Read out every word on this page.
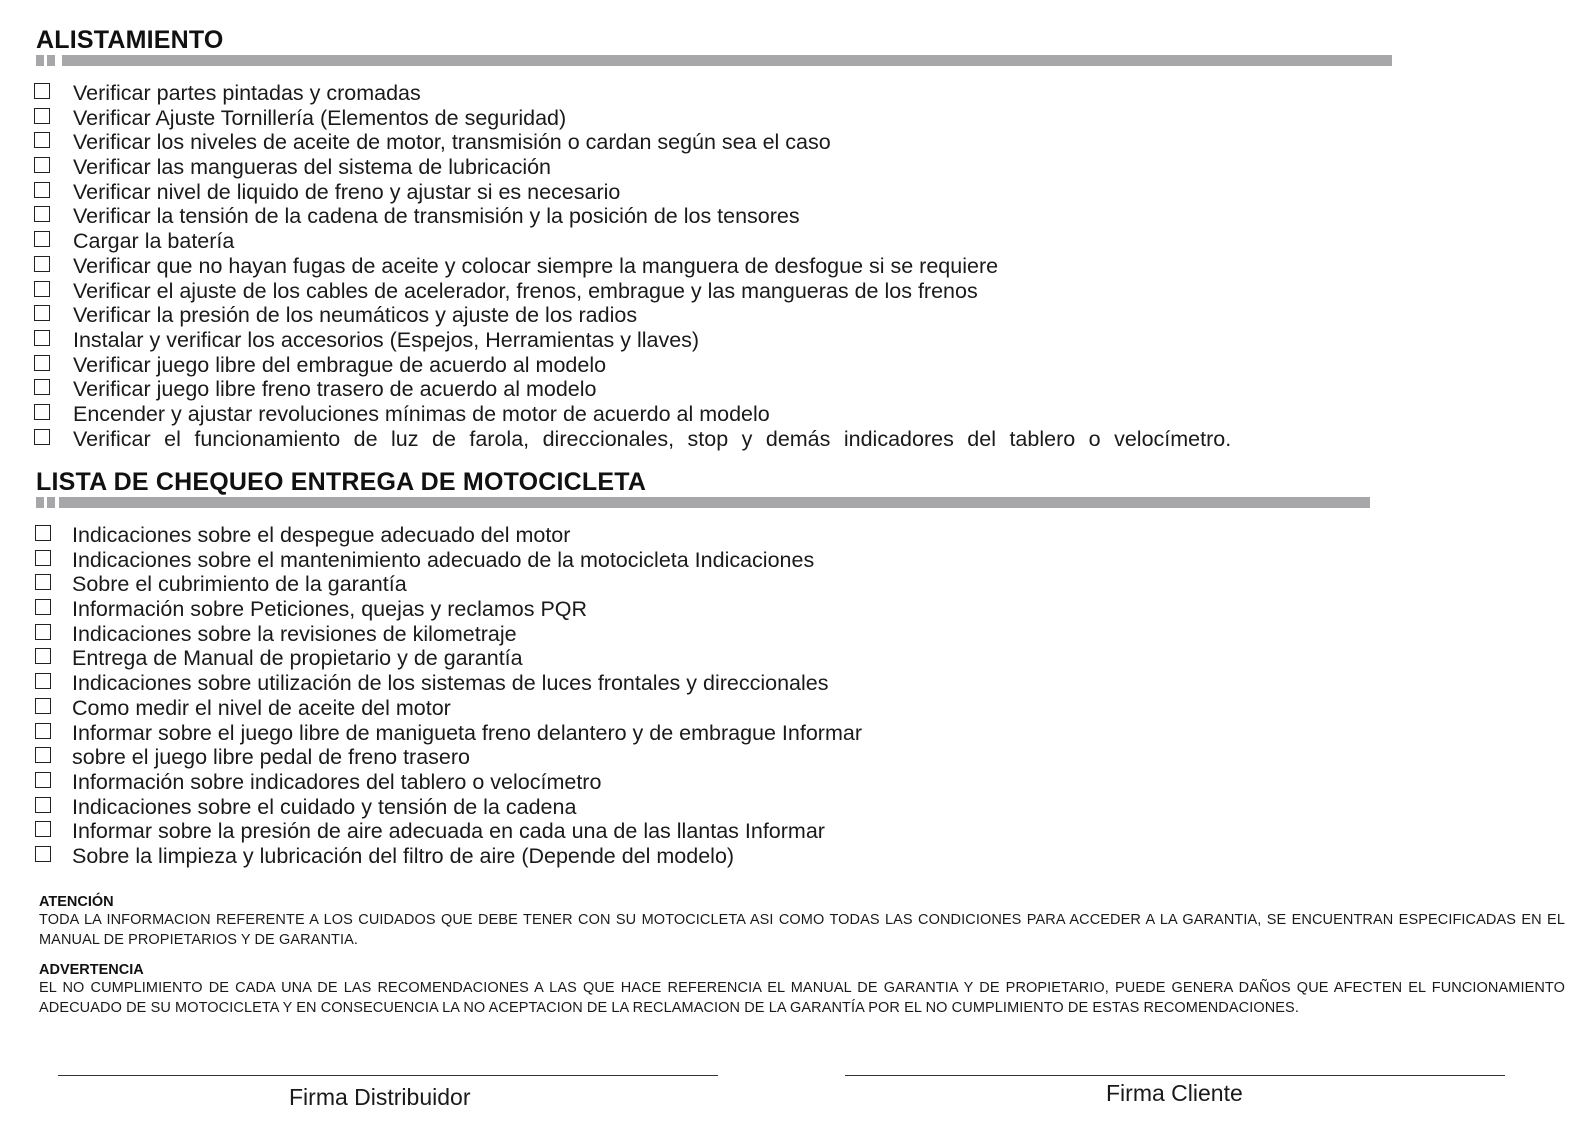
ALISTAMIENTO
Verificar partes pintadas y cromadas
Verificar Ajuste Tornillería (Elementos de seguridad)
Verificar los niveles de aceite de motor, transmisión o cardan según sea el caso
Verificar las mangueras del sistema de lubricación
Verificar nivel de liquido de freno y ajustar si es necesario
Verificar la tensión de la cadena de transmisión y la posición de los tensores
Cargar la batería
Verificar que no hayan fugas de aceite y colocar siempre la manguera de desfogue si se requiere
Verificar el ajuste de los cables de acelerador, frenos, embrague y las mangueras de los frenos
Verificar la presión de los neumáticos y ajuste de los radios
Instalar y verificar los accesorios (Espejos, Herramientas y llaves)
Verificar juego libre del embrague de acuerdo al modelo
Verificar juego libre freno trasero de acuerdo al modelo
Encender y ajustar revoluciones mínimas de motor de acuerdo al modelo
Verificar el funcionamiento de luz de farola, direccionales, stop y demás indicadores del tablero o velocímetro.
LISTA DE CHEQUEO ENTREGA DE MOTOCICLETA
Indicaciones sobre el despegue adecuado del motor
Indicaciones sobre el mantenimiento adecuado de la motocicleta Indicaciones
Sobre el cubrimiento de la garantía
Información sobre Peticiones, quejas y reclamos PQR
Indicaciones sobre la revisiones de kilometraje
Entrega de Manual de propietario y de garantía
Indicaciones sobre utilización de los sistemas de luces frontales y direccionales
Como medir el nivel de aceite del motor
Informar sobre el juego libre de manigueta freno delantero y de embrague Informar
sobre el juego libre pedal de freno trasero
Información sobre indicadores del tablero o velocímetro
Indicaciones sobre el cuidado y tensión de la cadena
Informar sobre la presión de aire adecuada en cada una de las llantas Informar
Sobre la limpieza y lubricación del filtro de aire (Depende del modelo)
ATENCIÓN
TODA LA INFORMACION REFERENTE A LOS CUIDADOS QUE DEBE TENER CON SU MOTOCICLETA ASI COMO TODAS LAS CONDICIONES PARA ACCEDER A LA GARANTIA, SE ENCUENTRAN ESPECIFICADAS EN EL MANUAL DE PROPIETARIOS Y DE GARANTIA.
ADVERTENCIA
EL NO CUMPLIMIENTO DE CADA UNA DE LAS RECOMENDACIONES A LAS QUE HACE REFERENCIA EL MANUAL DE GARANTIA Y DE PROPIETARIO, PUEDE GENERA DAÑOS QUE AFECTEN EL FUNCIONAMIENTO ADECUADO DE SU MOTOCICLETA Y EN CONSECUENCIA LA NO ACEPTACION DE LA RECLAMACION DE LA GARANTÍA POR EL NO CUMPLIMIENTO DE ESTAS RECOMENDACIONES.
Firma Distribuidor	Firma Cliente
